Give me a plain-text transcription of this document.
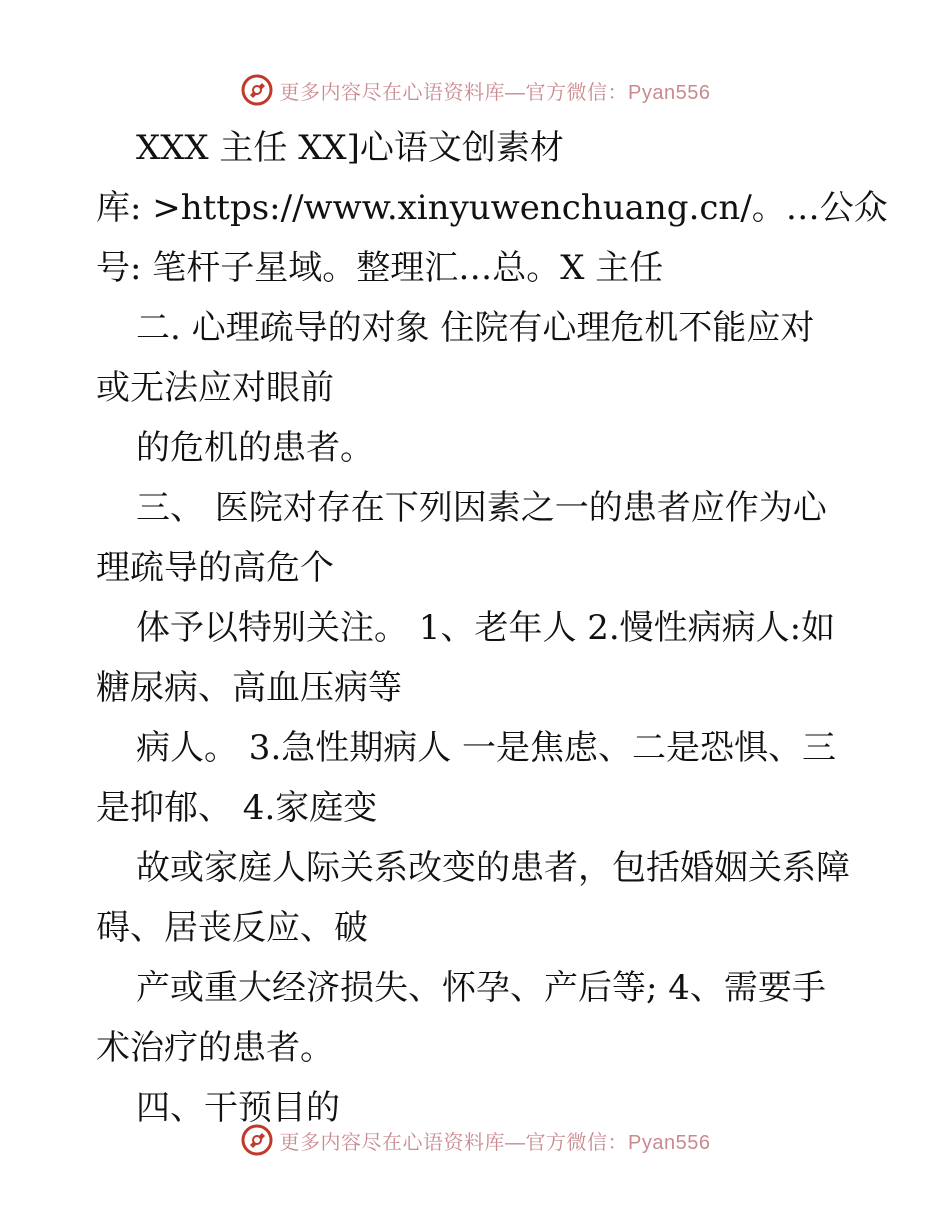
更多内容尽在心语资料库—官方微信：Pyan556
XXX 主任 XX]心语文创素材
库: >https://www.xinyuwenchuang.cn/。…公众
号: 笔杆子星域。整理汇…总。X 主任
二. 心理疏导的对象 住院有心理危机不能应对
或无法应对眼前
的危机的患者。
三、 医院对存在下列因素之一的患者应作为心
理疏导的高危个
体予以特别关注。 1、老年人 2.慢性病病人:如
糖尿病、高血压病等
病人。 3.急性期病人 一是焦虑、二是恐惧、三
是抑郁、 4.家庭变
故或家庭人际关系改变的患者，包括婚姻关系障
碍、居丧反应、破
产或重大经济损失、怀孕、产后等; 4、需要手
术治疗的患者。
四、干预目的
更多内容尽在心语资料库—官方微信：Pyan556
